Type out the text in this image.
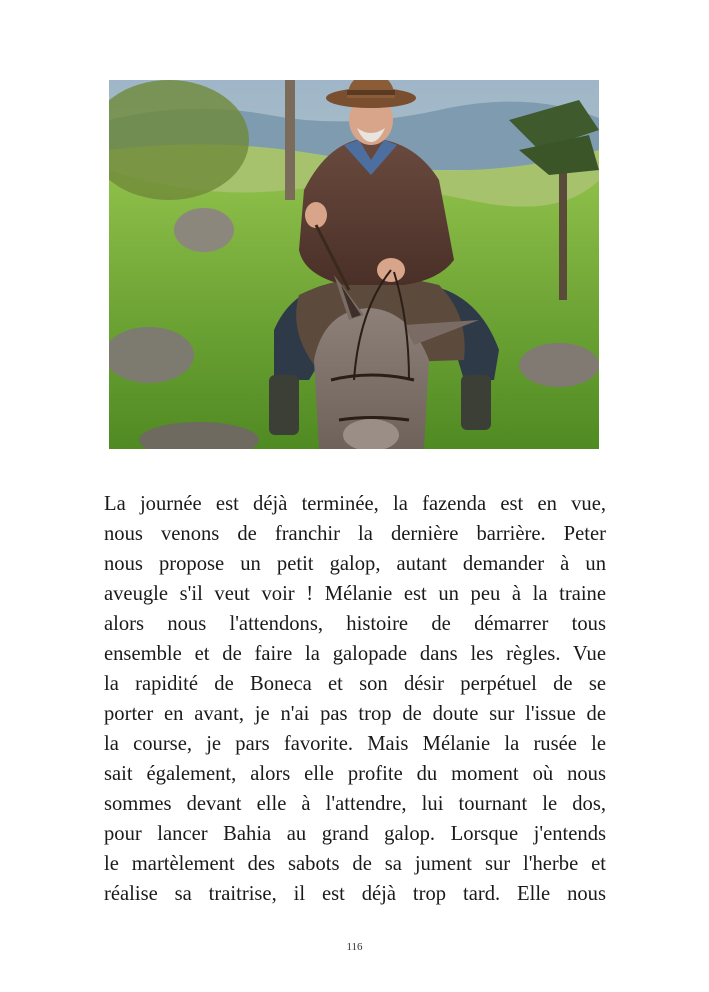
La journée est déjà terminée, la fazenda est en vue,
nous venons de franchir la dernière barrière. Peter
nous propose un petit galop, autant demander à un
aveugle s'il veut voir ! Mélanie est un peu à la traine
alors nous l'attendons, histoire de démarrer tous
ensemble et de faire la galopade dans les règles. Vue
la rapidité de Boneca et son désir perpétuel de se
porter en avant, je n'ai pas trop de doute sur l'issue de
la course, je pars favorite. Mais Mélanie la rusée le
sait également, alors elle profite du moment où nous
sommes devant elle à l'attendre, lui tournant le dos,
pour lancer Bahia au grand galop. Lorsque j'entends
le martèlement des sabots de sa jument sur l'herbe et
réalise sa traitrise, il est déjà trop tard. Elle nous
116
